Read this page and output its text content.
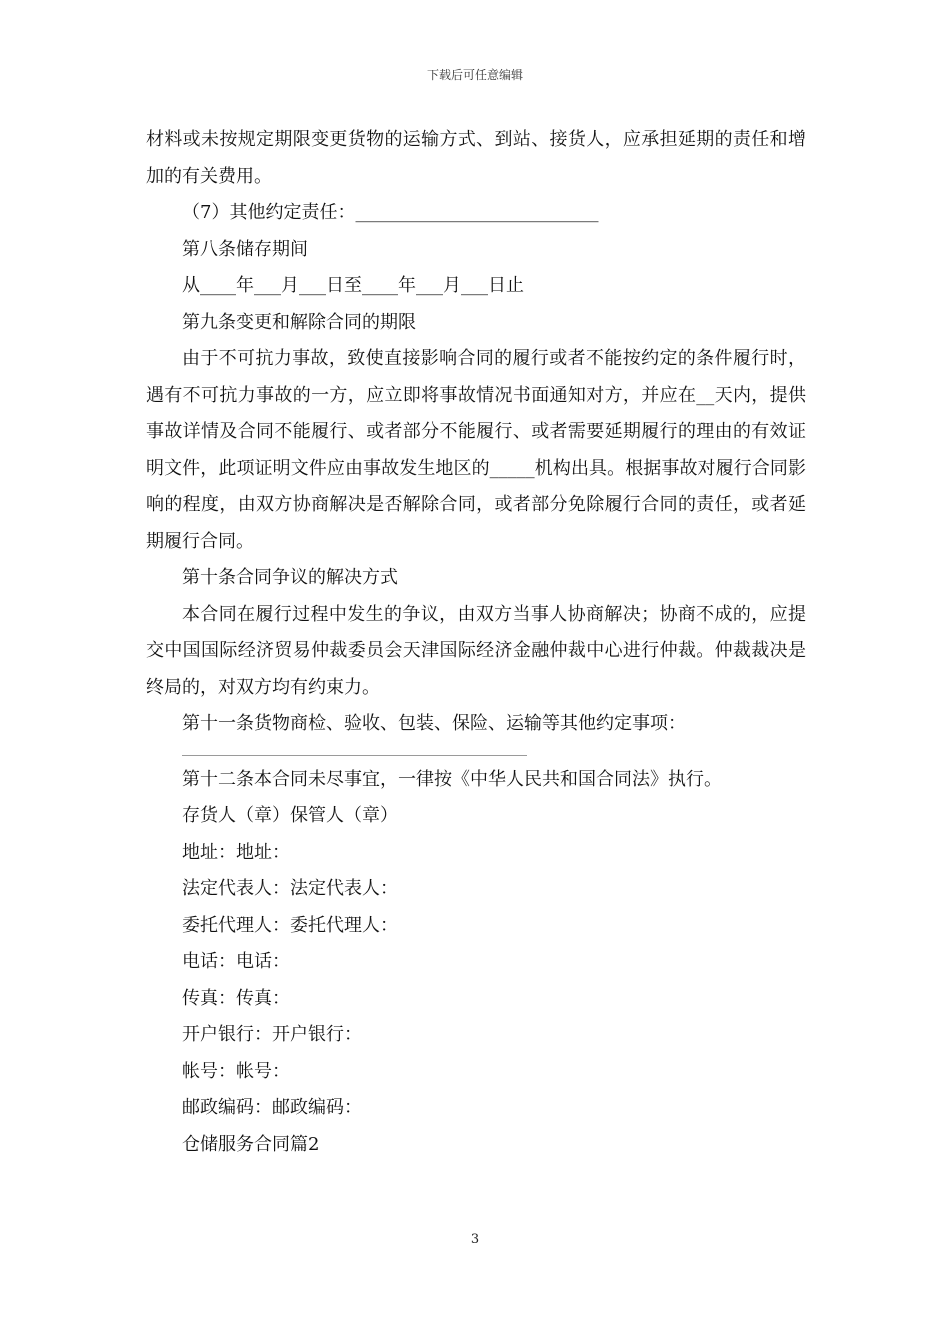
下载后可任意编辑

材料或未按规定期限变更货物的运输方式、到站、接货人，应承担延期的责任和增加的有关费用。

（7）其他约定责任：___________________________

第八条储存期间

从____年___月___日至____年___月___日止

第九条变更和解除合同的期限

由于不可抗力事故，致使直接影响合同的履行或者不能按约定的条件履行时，遇有不可抗力事故的一方，应立即将事故情况书面通知对方，并应在__天内，提供事故详情及合同不能履行、或者部分不能履行、或者需要延期履行的理由的有效证明文件，此项证明文件应由事故发生地区的_____机构出具。根据事故对履行合同影响的程度，由双方协商解决是否解除合同，或者部分免除履行合同的责任，或者延期履行合同。

第十条合同争议的解决方式

本合同在履行过程中发生的争议，由双方当事人协商解决；协商不成的，应提交中国国际经济贸易仲裁委员会天津国际经济金融仲裁中心进行仲裁。仲裁裁决是终局的，对双方均有约束力。

第十一条货物商检、验收、包装、保险、运输等其他约定事项：

第十二条本合同未尽事宜，一律按《中华人民共和国合同法》执行。

存货人（章）保管人（章）

地址：地址：

法定代表人：法定代表人：

委托代理人：委托代理人：

电话：电话：

传真：传真：

开户银行：开户银行：

帐号：帐号：

邮政编码：邮政编码：

仓储服务合同篇2

3
